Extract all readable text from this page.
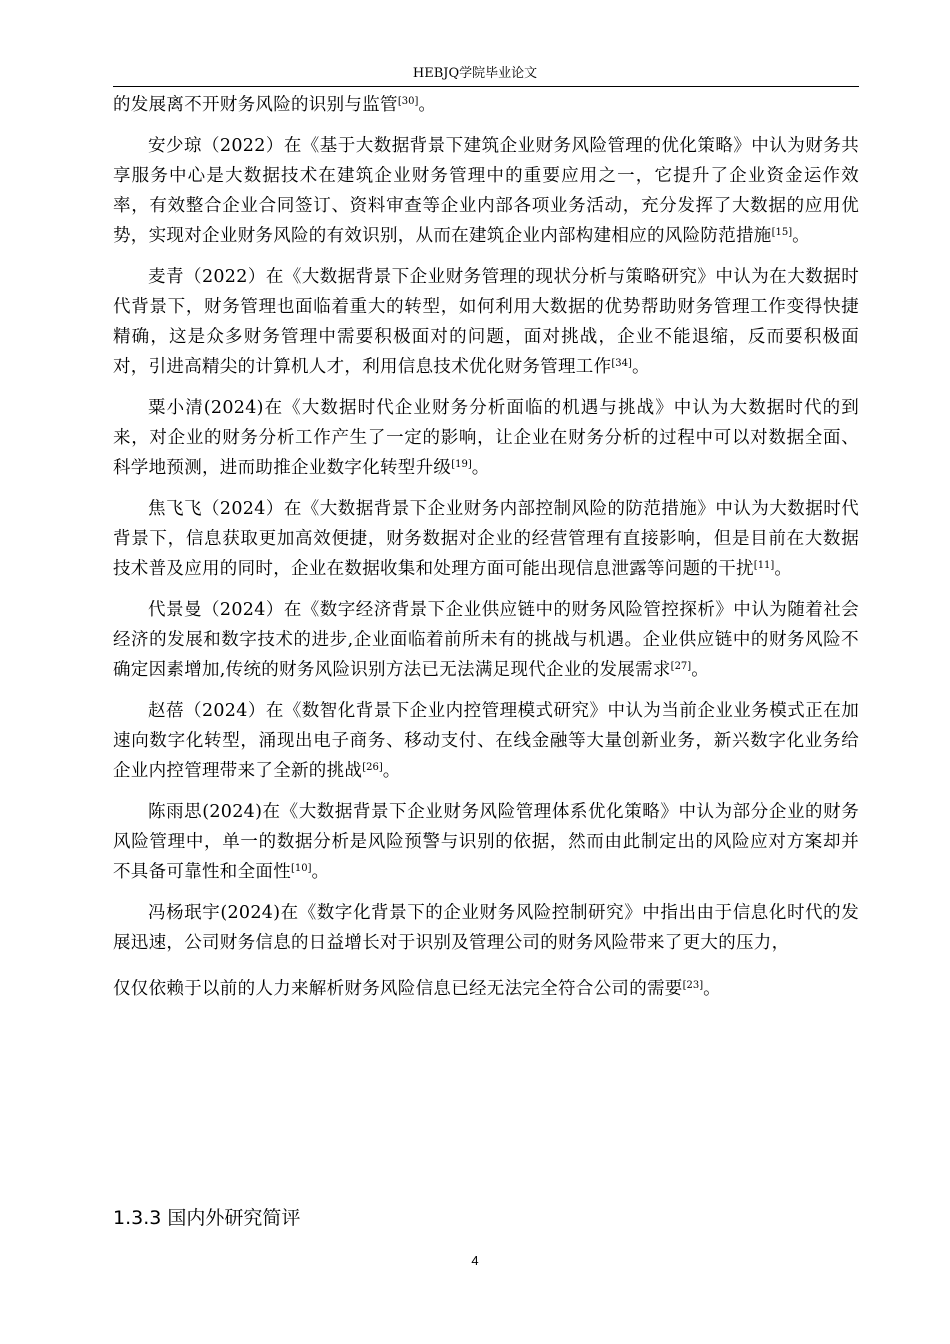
HEBJQ学院毕业论文

的发展离不开财务风险的识别与监管[30]。

安少琼（2022）在《基于大数据背景下建筑企业财务风险管理的优化策略》中认为财务共享服务中心是大数据技术在建筑企业财务管理中的重要应用之一，它提升了企业资金运作效率，有效整合企业合同签订、资料审查等企业内部各项业务活动，充分发挥了大数据的应用优势，实现对企业财务风险的有效识别，从而在建筑企业内部构建相应的风险防范措施[15]。

麦青（2022）在《大数据背景下企业财务管理的现状分析与策略研究》中认为在大数据时代背景下，财务管理也面临着重大的转型，如何利用大数据的优势帮助财务管理工作变得快捷精确，这是众多财务管理中需要积极面对的问题，面对挑战，企业不能退缩，反而要积极面对，引进高精尖的计算机人才，利用信息技术优化财务管理工作[34]。

粟小清(2024)在《大数据时代企业财务分析面临的机遇与挑战》中认为大数据时代的到来，对企业的财务分析工作产生了一定的影响，让企业在财务分析的过程中可以对数据全面、科学地预测，进而助推企业数字化转型升级[19]。

焦飞飞（2024）在《大数据背景下企业财务内部控制风险的防范措施》中认为大数据时代背景下，信息获取更加高效便捷，财务数据对企业的经营管理有直接影响，但是目前在大数据技术普及应用的同时，企业在数据收集和处理方面可能出现信息泄露等问题的干扰[11]。

代景曼（2024）在《数字经济背景下企业供应链中的财务风险管控探析》中认为随着社会经济的发展和数字技术的进步,企业面临着前所未有的挑战与机遇。企业供应链中的财务风险不确定因素增加,传统的财务风险识别方法已无法满足现代企业的发展需求[27]。

赵蓓（2024）在《数智化背景下企业内控管理模式研究》中认为当前企业业务模式正在加速向数字化转型，涌现出电子商务、移动支付、在线金融等大量创新业务，新兴数字化业务给企业内控管理带来了全新的挑战[26]。

陈雨思(2024)在《大数据背景下企业财务风险管理体系优化策略》中认为部分企业的财务风险管理中，单一的数据分析是风险预警与识别的依据，然而由此制定出的风险应对方案却并不具备可靠性和全面性[10]。

冯杨珉宇(2024)在《数字化背景下的企业财务风险控制研究》中指出由于信息化时代的发展迅速，公司财务信息的日益增长对于识别及管理公司的财务风险带来了更大的压力，

仅仅依赖于以前的人力来解析财务风险信息已经无法完全符合公司的需要[23]。

1.3.3 国内外研究简评
4
